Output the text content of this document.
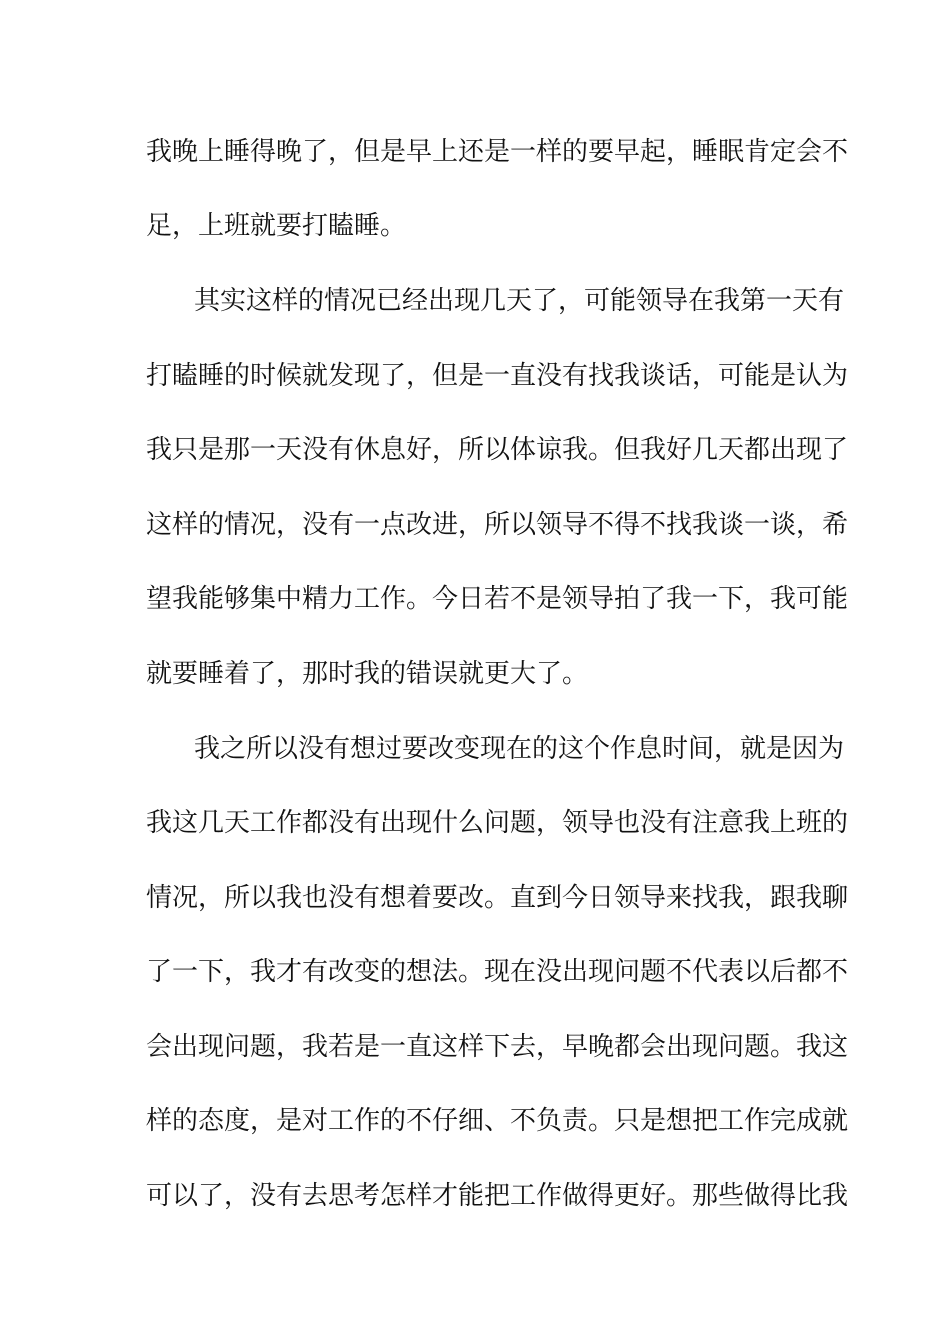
我晚上睡得晚了，但是早上还是一样的要早起，睡眠肯定会不
足，上班就要打瞌睡。
其实这样的情况已经出现几天了，可能领导在我第一天有
打瞌睡的时候就发现了，但是一直没有找我谈话，可能是认为
我只是那一天没有休息好，所以体谅我。但我好几天都出现了
这样的情况，没有一点改进，所以领导不得不找我谈一谈，希
望我能够集中精力工作。今日若不是领导拍了我一下，我可能
就要睡着了，那时我的错误就更大了。
我之所以没有想过要改变现在的这个作息时间，就是因为
我这几天工作都没有出现什么问题，领导也没有注意我上班的
情况，所以我也没有想着要改。直到今日领导来找我，跟我聊
了一下，我才有改变的想法。现在没出现问题不代表以后都不
会出现问题，我若是一直这样下去，早晚都会出现问题。我这
样的态度，是对工作的不仔细、不负责。只是想把工作完成就
可以了，没有去思考怎样才能把工作做得更好。那些做得比我
